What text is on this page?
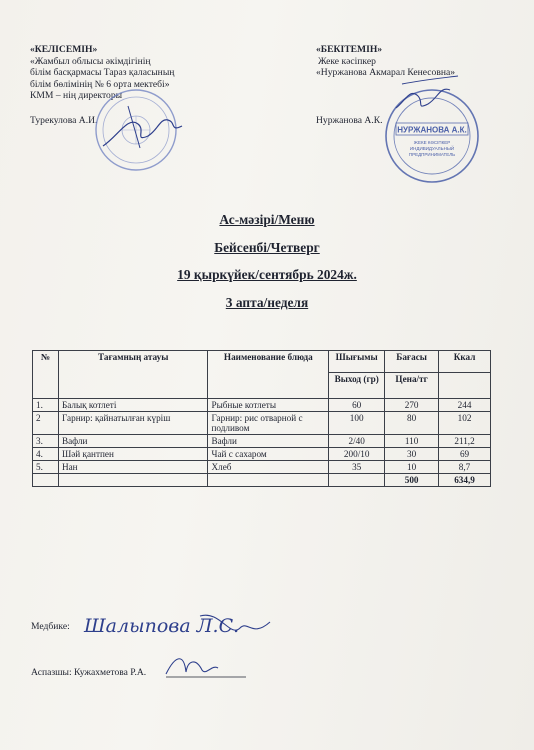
«КЕЛІСЕМІН»
«Жамбыл облысы әкімдігінің
білім басқармасы Тараз қаласының
білім бөлімінің № 6 орта мектебі»
КММ – нің директоры
Турекулова А.И.
«БЕКІТЕМІН»
Жеке кәсіпкер
«Нуржанова Акмарал Кенесовна»
Нуржанова А.К.
НУРЖАНОВА А.К.
ЖЕКЕ КӘСІПКЕР
ИНДИВИДУАЛЬНЫЙ
ПРЕДПРИНИМАТЕЛЬ
Ас-мәзірі/Меню
Бейсенбі/Четверг
19 қыркүйек/сентябрь 2024ж.
3 апта/неделя
№	Тағамның атауы	Наименование блюда	Шығымы	Бағасы	Ккал
			Выход (гр)	Цена/тг	
1.	Балық котлеті	Рыбные котлеты	60	270	244
2	Гарнир: қайнатылған күріш	Гарнир: рис отварной с подливом	100	80	102
3.	Вафли	Вафли	2/40	110	211,2
4.	Шәй қантпен	Чай с сахаром	200/10	30	69
5.	Нан	Хлеб	35	10	8,7
				500	634,9
Медбике: Шалыпова Л.С.
Аспазшы: Кужахметова Р.А.
